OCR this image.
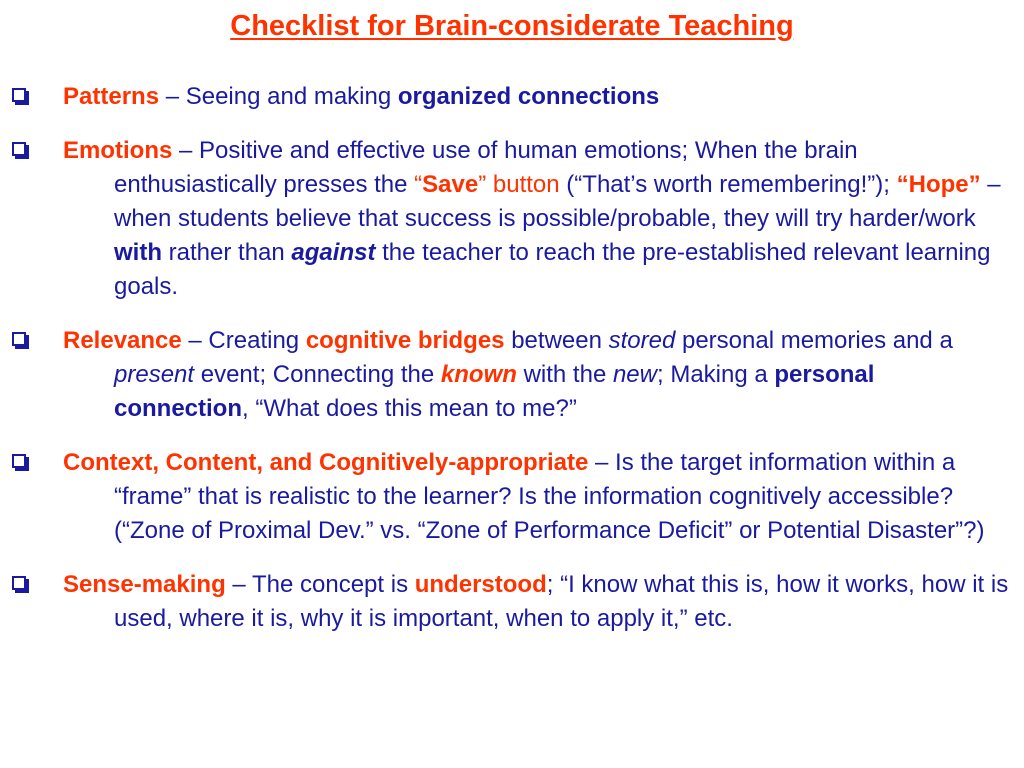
Checklist for Brain-considerate Teaching
Patterns – Seeing and making organized connections
Emotions – Positive and effective use of human emotions; When the brain enthusiastically presses the “Save” button (“That’s worth remembering!”); “Hope” – when students believe that success is possible/probable, they will try harder/work with rather than against the teacher to reach the pre-established relevant learning goals.
Relevance – Creating cognitive bridges between stored personal memories and a present event; Connecting the known with the new; Making a personal connection, “What does this mean to me?”
Context, Content, and Cognitively-appropriate – Is the target information within a “frame” that is realistic to the learner? Is the information cognitively accessible? (“Zone of Proximal Dev.” vs. “Zone of Performance Deficit” or Potential Disaster”?)
Sense-making – The concept is understood; “I know what this is, how it works, how it is used, where it is, why it is important, when to apply it,” etc.
